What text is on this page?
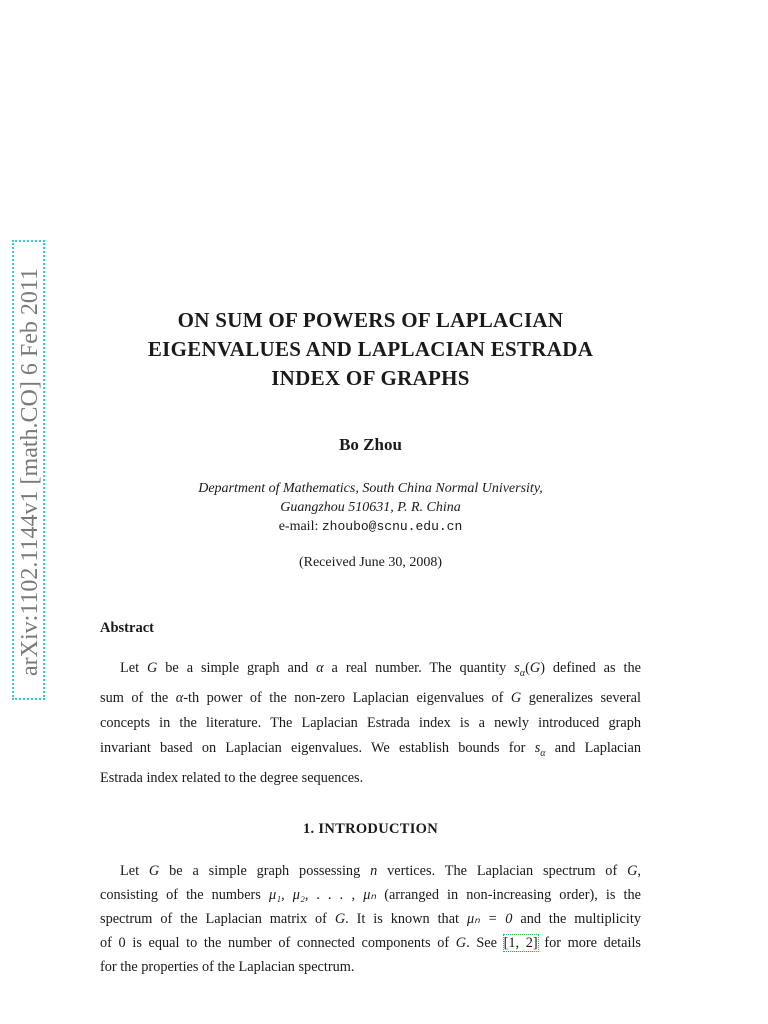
arXiv:1102.1144v1 [math.CO] 6 Feb 2011	ON SUM OF POWERS OF LAPLACIAN
EIGENVALUES AND LAPLACIAN ESTRADA
INDEX OF GRAPHS
Bo Zhou
Department of Mathematics, South China Normal University,
Guangzhou 510631, P. R. China
e-mail: zhoubo@scnu.edu.cn
(Received June 30, 2008)
Abstract
Let G be a simple graph and α a real number. The quantity $s_\alpha(G)$ defined as the
sum of the α-th power of the non-zero Laplacian eigenvalues of G generalizes several
concepts in the literature. The Laplacian Estrada index is a newly introduced graph
invariant based on Laplacian eigenvalues. We establish bounds for $s_\alpha$ and Laplacian
Estrada index related to the degree sequences.
1. INTRODUCTION
Let G be a simple graph possessing n vertices. The Laplacian spectrum of G,
consisting of the numbers μ₁, μ₂, . . . , μₙ (arranged in non-increasing order), is the
spectrum of the Laplacian matrix of G. It is known that μₙ = 0 and the multiplicity
of 0 is equal to the number of connected components of G. See [1, 2] for more details
for the properties of the Laplacian spectrum.
